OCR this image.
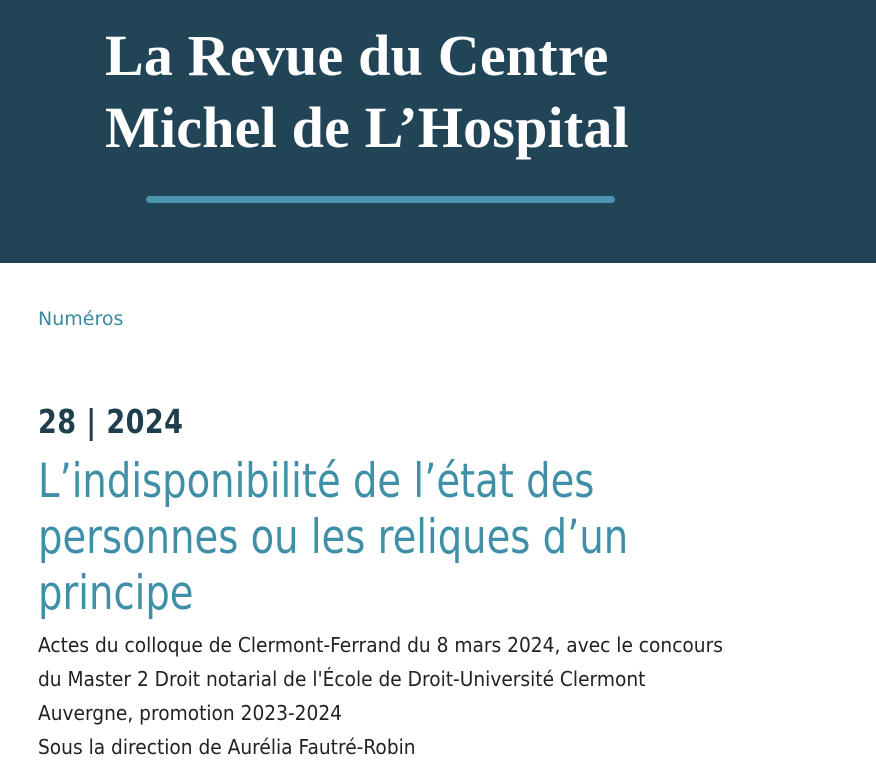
La Revue du Centre
Michel de L’Hospital
Numéros
28 | 2024
L’indisponibilité de l’état des
personnes ou les reliques d’un
principe
Actes du colloque de Clermont-Ferrand du 8 mars 2024, avec le concours
du Master 2 Droit notarial de l'École de Droit-Université Clermont
Auvergne, promotion 2023-2024
Sous la direction de Aurélia Fautré-Robin
